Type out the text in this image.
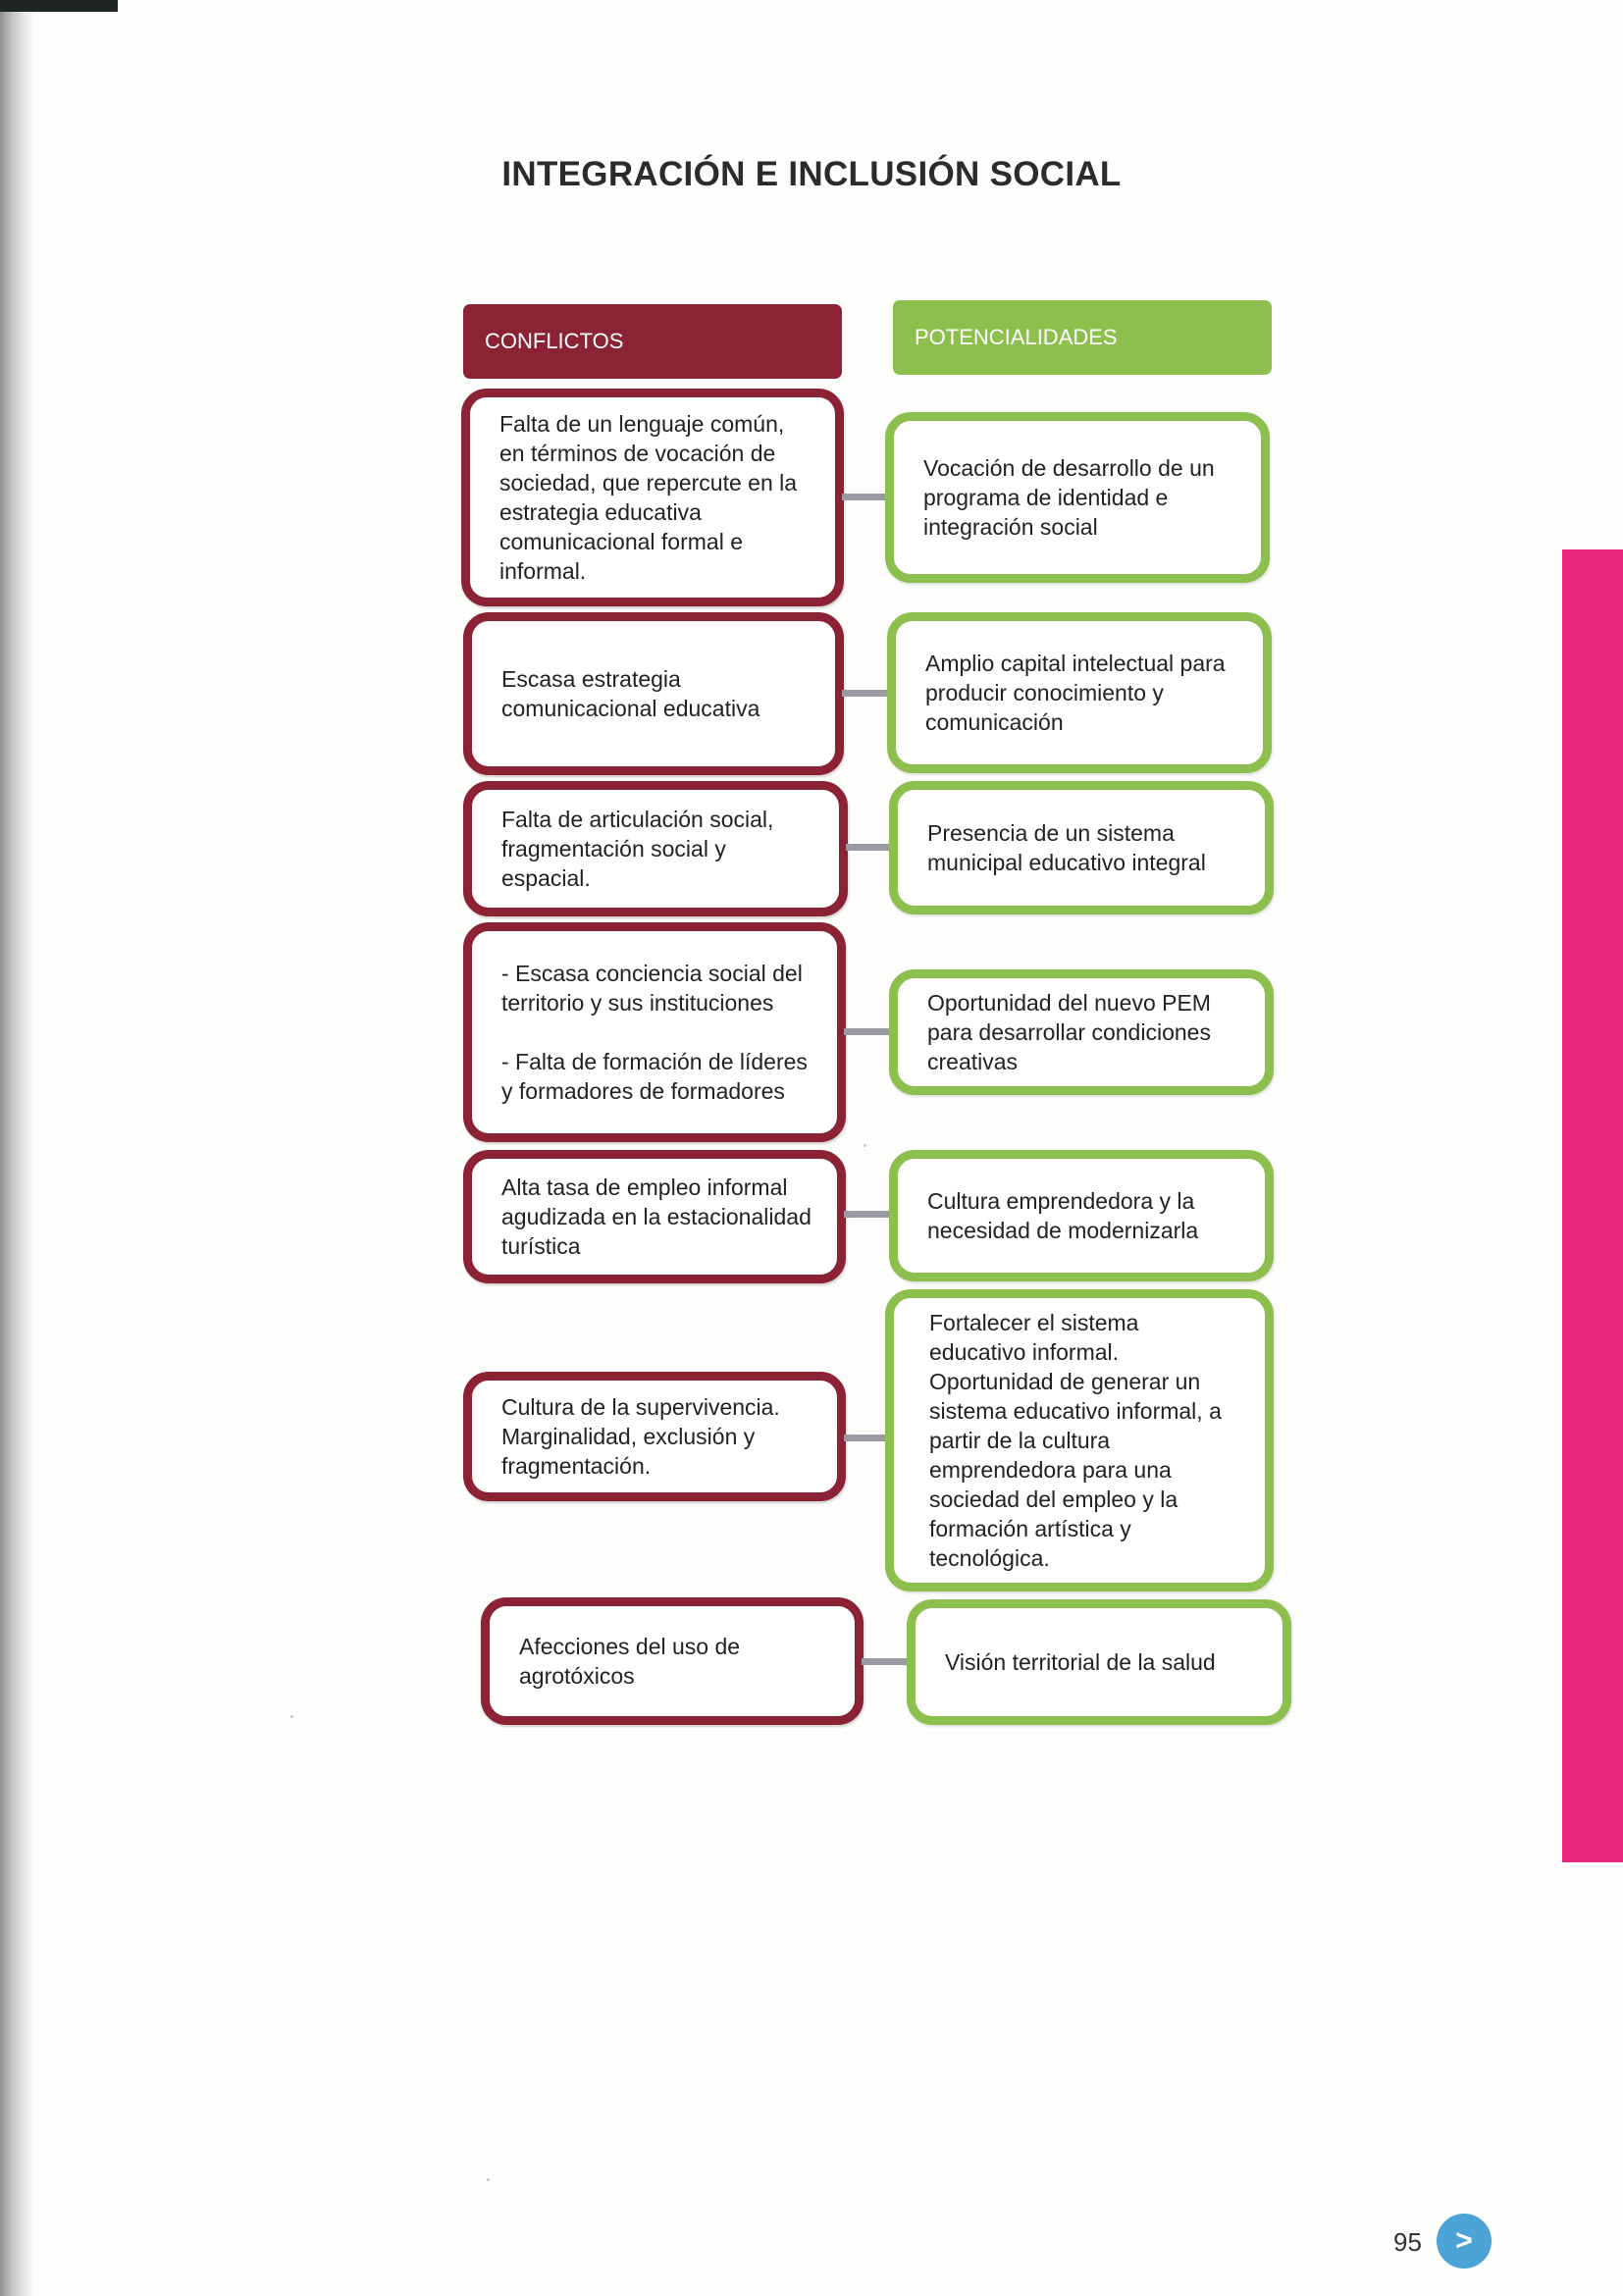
INTEGRACIÓN E INCLUSIÓN SOCIAL
CONFLICTOS	POTENCIALIDADES
Falta de un lenguaje común,
en términos de vocación de
sociedad, que repercute en la
estrategia educativa
comunicacional formal e
informal.
Vocación de desarrollo de un
programa de identidad e
integración social
Escasa estrategia
comunicacional educativa
Amplio capital intelectual para
producir conocimiento y
comunicación
Falta de articulación social,
fragmentación social y espacial.
Presencia de un sistema
municipal educativo integral
- Escasa conciencia social del
territorio y sus instituciones

- Falta de formación de líderes
y formadores de formadores
Oportunidad del nuevo PEM
para desarrollar condiciones
creativas
Alta tasa de empleo informal
agudizada en la estacionalidad
turística
Cultura emprendedora y la
necesidad de modernizarla
Cultura de la supervivencia.
Marginalidad, exclusión y
fragmentación.
Fortalecer el sistema
educativo informal.
Oportunidad de generar un
sistema educativo informal, a
partir de la cultura
emprendedora para una
sociedad del empleo y la
formación artística y
tecnológica.
Afecciones del uso de
agrotóxicos
Visión territorial de la salud
95 >
